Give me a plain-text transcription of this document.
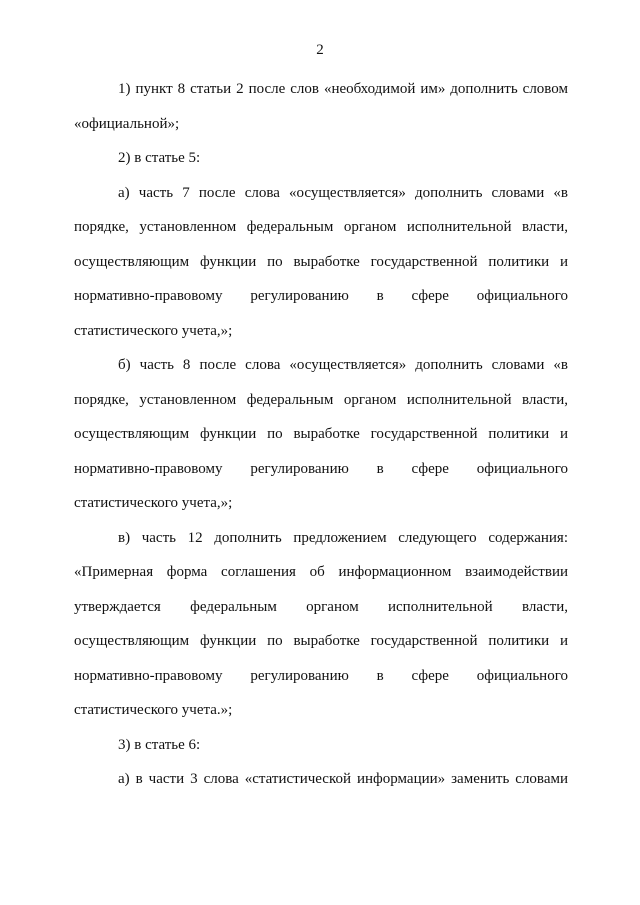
2

1) пункт 8 статьи 2 после слов «необходимой им» дополнить словом «официальной»;

2) в статье 5:

а) часть 7 после слова «осуществляется» дополнить словами «в порядке, установленном федеральным органом исполнительной власти, осуществляющим функции по выработке государственной политики и нормативно-правовому регулированию в сфере официального статистического учета,»;

б) часть 8 после слова «осуществляется» дополнить словами «в порядке, установленном федеральным органом исполнительной власти, осуществляющим функции по выработке государственной политики и нормативно-правовому регулированию в сфере официального статистического учета,»;

в) часть 12 дополнить предложением следующего содержания: «Примерная форма соглашения об информационном взаимодействии утверждается федеральным органом исполнительной власти, осуществляющим функции по выработке государственной политики и нормативно-правовому регулированию в сфере официального статистического учета.»;

3) в статье 6:

а) в части 3 слова «статистической информации» заменить словами
